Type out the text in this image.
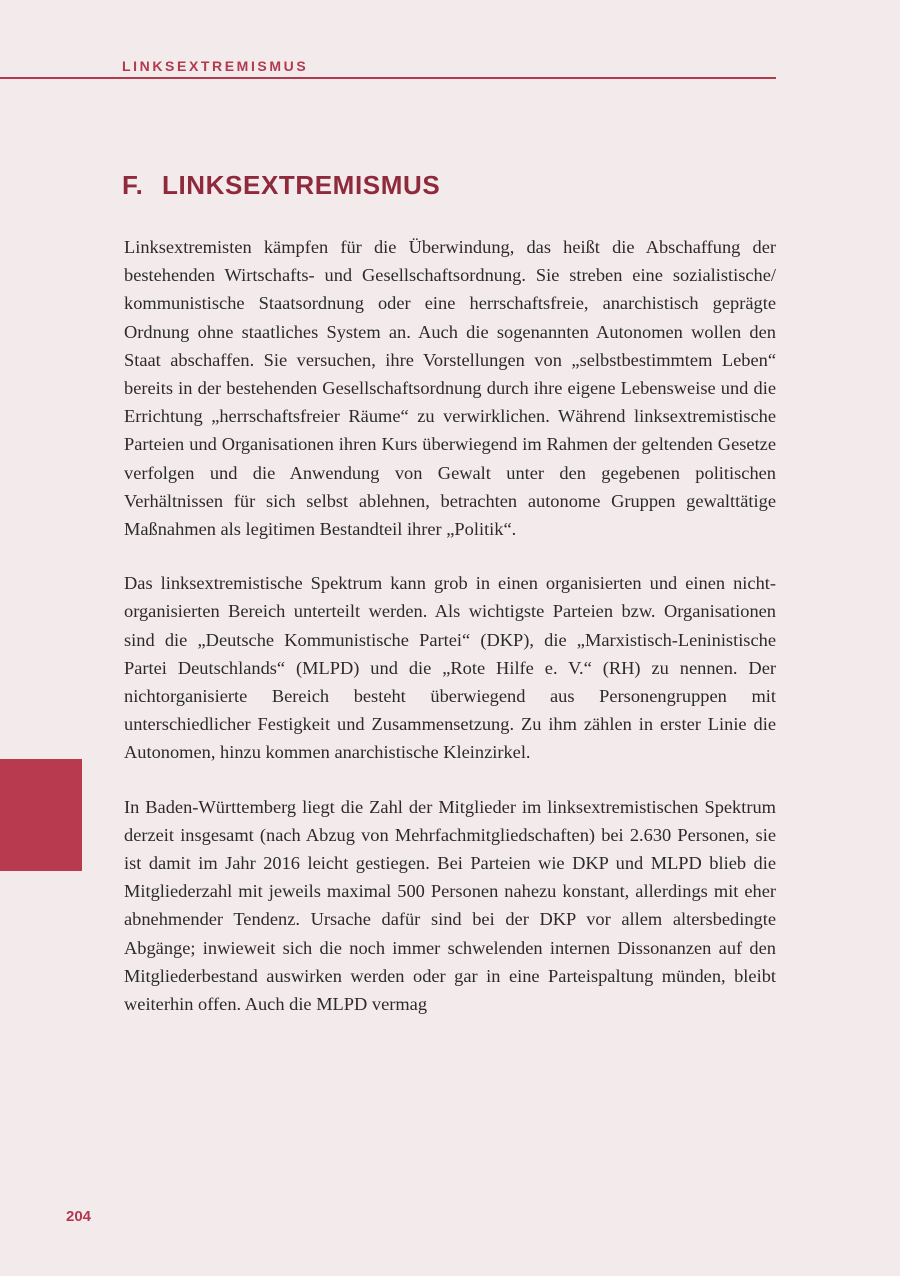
LINKSEXTREMISMUS
F. LINKSEXTREMISMUS

Linksextremisten kämpfen für die Überwindung, das heißt die Abschaffung der bestehenden Wirtschafts- und Gesellschaftsordnung. Sie streben eine sozialistische/​kommunistische Staatsordnung oder eine herrschaftsfreie, anarchistisch geprägte Ordnung ohne staatliches System an. Auch die sogenannten Autonomen wollen den Staat abschaffen. Sie versuchen, ihre Vorstellungen von „selbstbestimmtem Leben“ bereits in der bestehenden Gesellschaftsordnung durch ihre eigene Lebensweise und die Errichtung „herrschaftsfreier Räume“ zu verwirklichen. Während linksextremistische Parteien und Organisationen ihren Kurs überwiegend im Rahmen der geltenden Gesetze verfolgen und die Anwendung von Gewalt unter den gegebenen politischen Verhältnissen für sich selbst ablehnen, betrachten autonome Gruppen gewalttätige Maßnahmen als legitimen Bestandteil ihrer „Politik“.

Das linksextremistische Spektrum kann grob in einen organisierten und einen nichtorganisierten Bereich unterteilt werden. Als wichtigste Parteien bzw. Organisationen sind die „Deutsche Kommunistische Partei“ (DKP), die „Marxistisch-Leninistische Partei Deutschlands“ (MLPD) und die „Rote Hilfe e. V.“ (RH) zu nennen. Der nichtorganisierte Bereich besteht überwiegend aus Personengruppen mit unterschiedlicher Festigkeit und Zusammensetzung. Zu ihm zählen in erster Linie die Autonomen, hinzu kommen anarchistische Kleinzirkel.

In Baden-Württemberg liegt die Zahl der Mitglieder im linksextremistischen Spektrum derzeit insgesamt (nach Abzug von Mehrfachmitgliedschaften) bei 2.630 Personen, sie ist damit im Jahr 2016 leicht gestiegen. Bei Parteien wie DKP und MLPD blieb die Mitgliederzahl mit jeweils maximal 500 Personen nahezu konstant, allerdings mit eher abnehmender Tendenz. Ursache dafür sind bei der DKP vor allem altersbedingte Abgänge; inwieweit sich die noch immer schwelenden internen Dissonanzen auf den Mitgliederbestand auswirken werden oder gar in eine Parteispaltung münden, bleibt weiterhin offen. Auch die MLPD vermag

204
